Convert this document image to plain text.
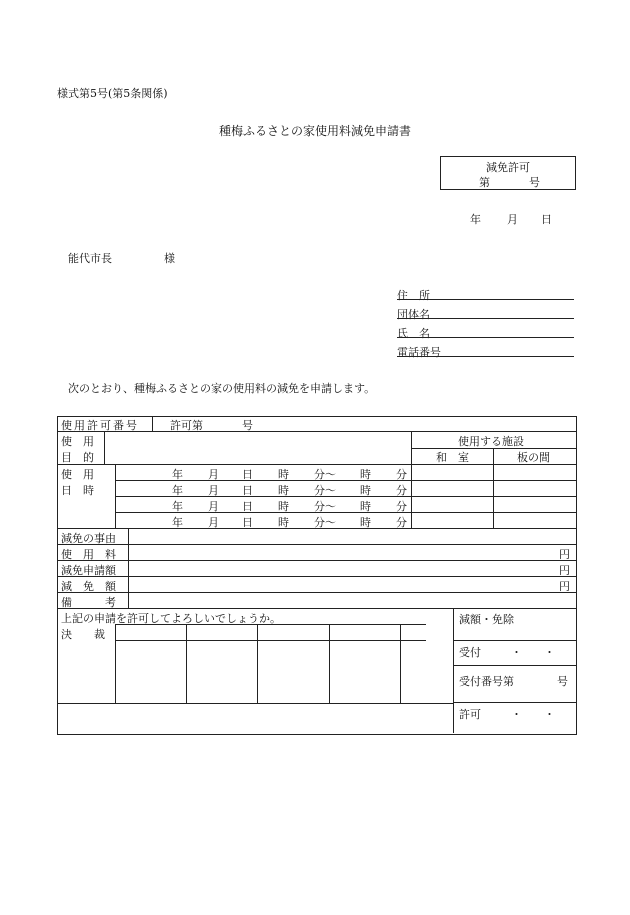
様式第5号(第5条関係)
種梅ふるさとの家使用料減免申請書
減免許可
第	号
年 月 日
能代市長	様
住　所
団体名
氏　名
電話番号
次のとおり、種梅ふるさとの家の使用料の減免を申請します。
使用許可番号	許可第	号
使　用
目　的
使用する施設
和　室	板の間
使　用
日　時
年 月 日 時 分〜 時 分
年 月 日 時 分〜 時 分
年 月 日 時 分〜 時 分
年 月 日 時 分〜 時 分
減免の事由
使　用　料	円
減免申請額	円
減　免　額	円
備　　　考
上記の申請を許可してよろしいでしょうか。
決　　裁
減額・免除
受付	・　　・
受付番号第	号
許可	・　　・
